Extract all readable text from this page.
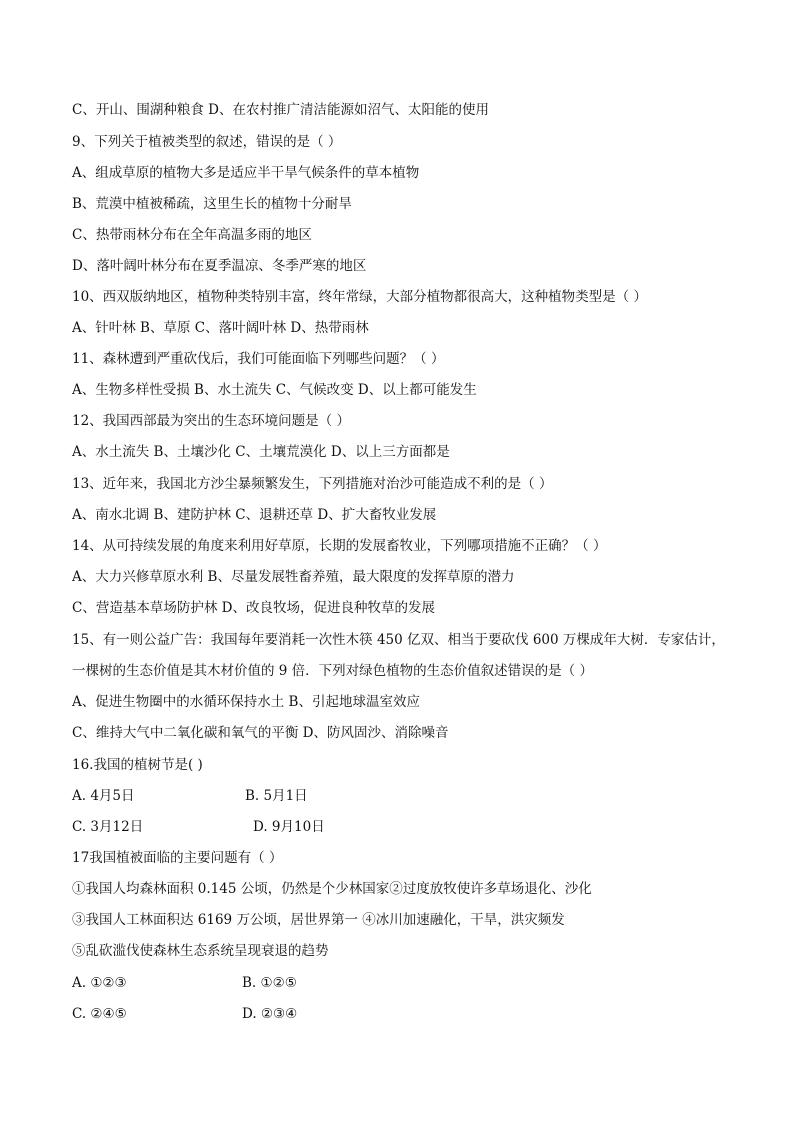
C、开山、围湖种粮食 D、在农村推广清洁能源如沼气、太阳能的使用
9、下列关于植被类型的叙述，错误的是（ ）
A、组成草原的植物大多是适应半干旱气候条件的草本植物
B、荒漠中植被稀疏，这里生长的植物十分耐旱
C、热带雨林分布在全年高温多雨的地区
D、落叶阔叶林分布在夏季温凉、冬季严寒的地区
10、西双版纳地区，植物种类特别丰富，终年常绿，大部分植物都很高大，这种植物类型是（ ）
A、针叶林 B、草原 C、落叶阔叶林 D、热带雨林
11、森林遭到严重砍伐后，我们可能面临下列哪些问题？（ ）
A、生物多样性受损 B、水土流失 C、气候改变 D、以上都可能发生
12、我国西部最为突出的生态环境问题是（ ）
A、水土流失 B、土壤沙化 C、土壤荒漠化 D、以上三方面都是
13、近年来，我国北方沙尘暴频繁发生，下列措施对治沙可能造成不利的是（ ）
A、南水北调 B、建防护林 C、退耕还草 D、扩大畜牧业发展
14、从可持续发展的角度来利用好草原，长期的发展畜牧业，下列哪项措施不正确？（ ）
A、大力兴修草原水利 B、尽量发展牲畜养殖，最大限度的发挥草原的潜力
C、营造基本草场防护林 D、改良牧场，促进良种牧草的发展
15、有一则公益广告：我国每年要消耗一次性木筷 450 亿双、相当于要砍伐 600 万棵成年大树．专家估计，
一棵树的生态价值是其木材价值的 9 倍．下列对绿色植物的生态价值叙述错误的是（ ）
A、促进生物圈中的水循环保持水土 B、引起地球温室效应
C、维持大气中二氧化碳和氧气的平衡 D、防风固沙、消除噪音
16.我国的植树节是( )
A. 4月5日	B. 5月1日
C. 3月12日	D. 9月10日
17我国植被面临的主要问题有（ ）
①我国人均森林面积 0.145 公顷，仍然是个少林国家②过度放牧使许多草场退化、沙化
③我国人工林面积达 6169 万公顷，居世界第一 ④冰川加速融化，干旱，洪灾频发
⑤乱砍滥伐使森林生态系统呈现衰退的趋势
A. ①②③	B. ①②⑤
C. ②④⑤	D. ②③④
